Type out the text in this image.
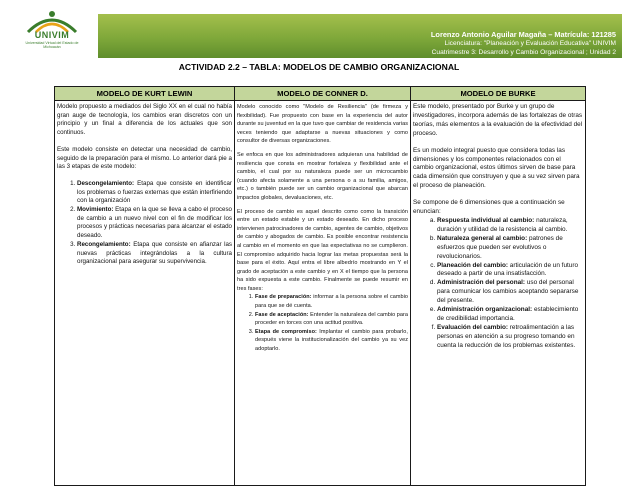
UNIVIM
Universidad Virtual del Estado de Michoacán
Lorenzo Antonio Aguilar Magaña – Matrícula: 121285
Licenciatura: "Planeación y Evaluación Educativa" UNIVIM
Cuatrimestre 3: Desarrollo y Cambio Organizacional ; Unidad 2
Tutor: Martha Delia Guillén Muñoz
ACTIVIDAD 2.2 – TABLA: MODELOS DE CAMBIO ORGANIZACIONAL
MODELO DE KURT LEWIN

Modelo propuesto a mediados del Siglo XX en el cual no había gran auge de tecnología, los cambios eran discretos con un principio y un final a diferencia de los actuales que son continuos.

Este modelo consiste en detectar una necesidad de cambio, seguido de la preparación para el mismo. Lo anterior dará pie a las 3 etapas de este modelo:

1. Descongelamiento: Etapa que consiste en identificar los problemas o fuerzas externas que están interfiriendo con la organización
2. Movimiento: Etapa en la que se lleva a cabo el proceso de cambio a un nuevo nivel con el fin de modificar los procesos y prácticas necesarias para alcanzar el estado deseado.
3. Recongelamiento: Etapa que consiste en afianzar las nuevas prácticas integrándolas a la cultura organizacional para asegurar su supervivencia.
MODELO DE CONNER D.

Modelo conocido como "Modelo de Resiliencia" (de firmeza y flexibilidad). Fue propuesto con base en la experiencia del autor durante su juventud en la que tuvo que cambiar de residencia varias veces teniendo que adaptarse a nuevas situaciones y como consultor de diversas organizaciones.

Se enfoca en que los administradores adquieran una habilidad de resiliencia que consta en mostrar fortaleza y flexibilidad ante el cambio, el cual por su naturaleza puede ser un microcambio (cuando afecta solamente a una persona o a su familia, amigos, etc.) o también puede ser un cambio organizacional que abarcan impactos globales, devaluaciones, etc.

El proceso de cambio es aquel descrito como como la transición entre un estado estable y un estado deseado. En dicho proceso intervienen patrocinadores de cambio, agentes de cambio, objetivos de cambio y abogados de cambio. Es posible encontrar resistencia al cambio en el momento en que las expectativas no se cumplieron. El compromiso adquirido hacia lograr las metas propuestas será la base para el éxito. Aquí entra el libre albedrío mostrando en Y el grado de aceptación a este cambio y en X el tiempo que la persona ha sido expuesta a este cambio. Finalmente se puede resumir en tres fases:

1. Fase de preparación: informar a la persona sobre el cambio para que se dé cuenta.
2. Fase de aceptación: Entender la naturaleza del cambio para proceder en torces con una actitud positiva.
3. Etapa de compromiso: Implantar el cambio para probarlo, después viene la institucionalización del cambio ya su vez adoptarlo.
MODELO DE BURKE

Este modelo, presentado por Burke y un grupo de investigadores, incorpora además de las fortalezas de otras teorías, más elementos a la evaluación de la efectividad del proceso.

Es un modelo integral puesto que considera todas las dimensiones y los componentes relacionados con el cambio organizacional, estos últimos sirven de base para cada dimensión que construyen y que a su vez sirven para el proceso de planeación.

Se compone de 6 dimensiones que a continuación se enuncian:

a. Respuesta individual al cambio: naturaleza, duración y utilidad de la resistencia al cambio.
b. Naturaleza general al cambio: patrones de esfuerzos que pueden ser evolutivos o revolucionarios.
c. Planeación del cambio: articulación de un futuro deseado a partir de una insatisfacción.
d. Administración del personal: uso del personal para comunicar los cambios aceptando separarse del presente.
e. Administración organizacional: establecimiento de credibilidad importancia.
f. Evaluación del cambio: retroalimentación a las personas en atención a su progreso tomando en cuenta la reducción de los problemas existentes.
